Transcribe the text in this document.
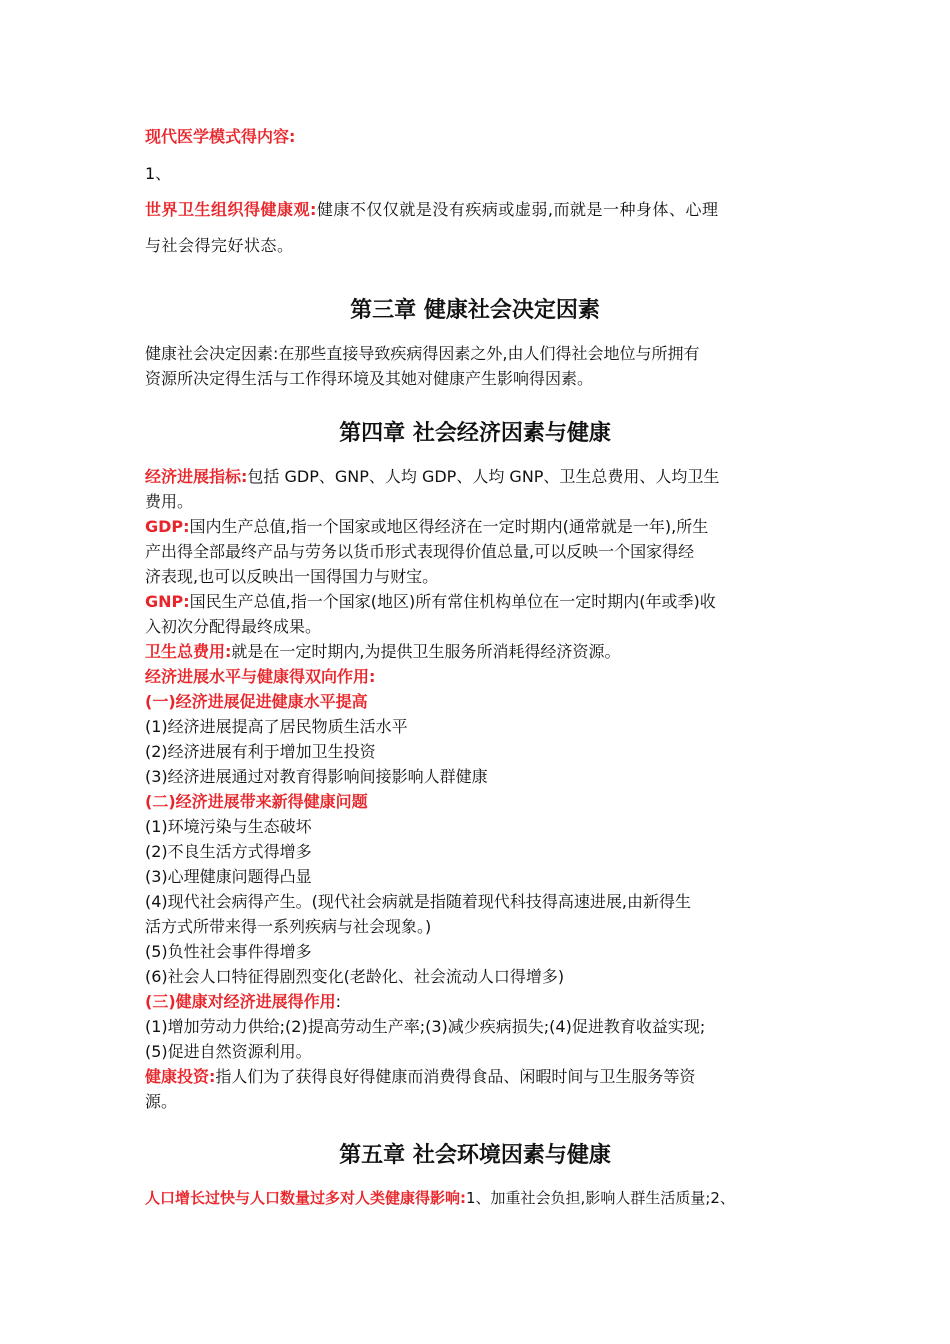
现代医学模式得内容:
1、
世界卫生组织得健康观:健康不仅仅就是没有疾病或虚弱,而就是一种身体、心理
与社会得完好状态。
第三章 健康社会决定因素
健康社会决定因素:在那些直接导致疾病得因素之外,由人们得社会地位与所拥有
资源所决定得生活与工作得环境及其她对健康产生影响得因素。
第四章 社会经济因素与健康
经济进展指标:包括 GDP、GNP、人均 GDP、人均 GNP、卫生总费用、人均卫生
费用。
GDP:国内生产总值,指一个国家或地区得经济在一定时期内(通常就是一年),所生
产出得全部最终产品与劳务以货币形式表现得价值总量,可以反映一个国家得经
济表现,也可以反映出一国得国力与财宝。
GNP:国民生产总值,指一个国家(地区)所有常住机构单位在一定时期内(年或季)收
入初次分配得最终成果。
卫生总费用:就是在一定时期内,为提供卫生服务所消耗得经济资源。
经济进展水平与健康得双向作用:
(一)经济进展促进健康水平提高
(1)经济进展提高了居民物质生活水平
(2)经济进展有利于增加卫生投资
(3)经济进展通过对教育得影响间接影响人群健康
(二)经济进展带来新得健康问题
(1)环境污染与生态破坏
(2)不良生活方式得增多
(3)心理健康问题得凸显
(4)现代社会病得产生。(现代社会病就是指随着现代科技得高速进展,由新得生
活方式所带来得一系列疾病与社会现象。)
(5)负性社会事件得增多
(6)社会人口特征得剧烈变化(老龄化、社会流动人口得增多)
(三)健康对经济进展得作用:
(1)增加劳动力供给;(2)提高劳动生产率;(3)减少疾病损失;(4)促进教育收益实现;
(5)促进自然资源利用。
健康投资:指人们为了获得良好得健康而消费得食品、闲暇时间与卫生服务等资
源。
第五章 社会环境因素与健康
人口增长过快与人口数量过多对人类健康得影响:1、加重社会负担,影响人群生活质量;2、
